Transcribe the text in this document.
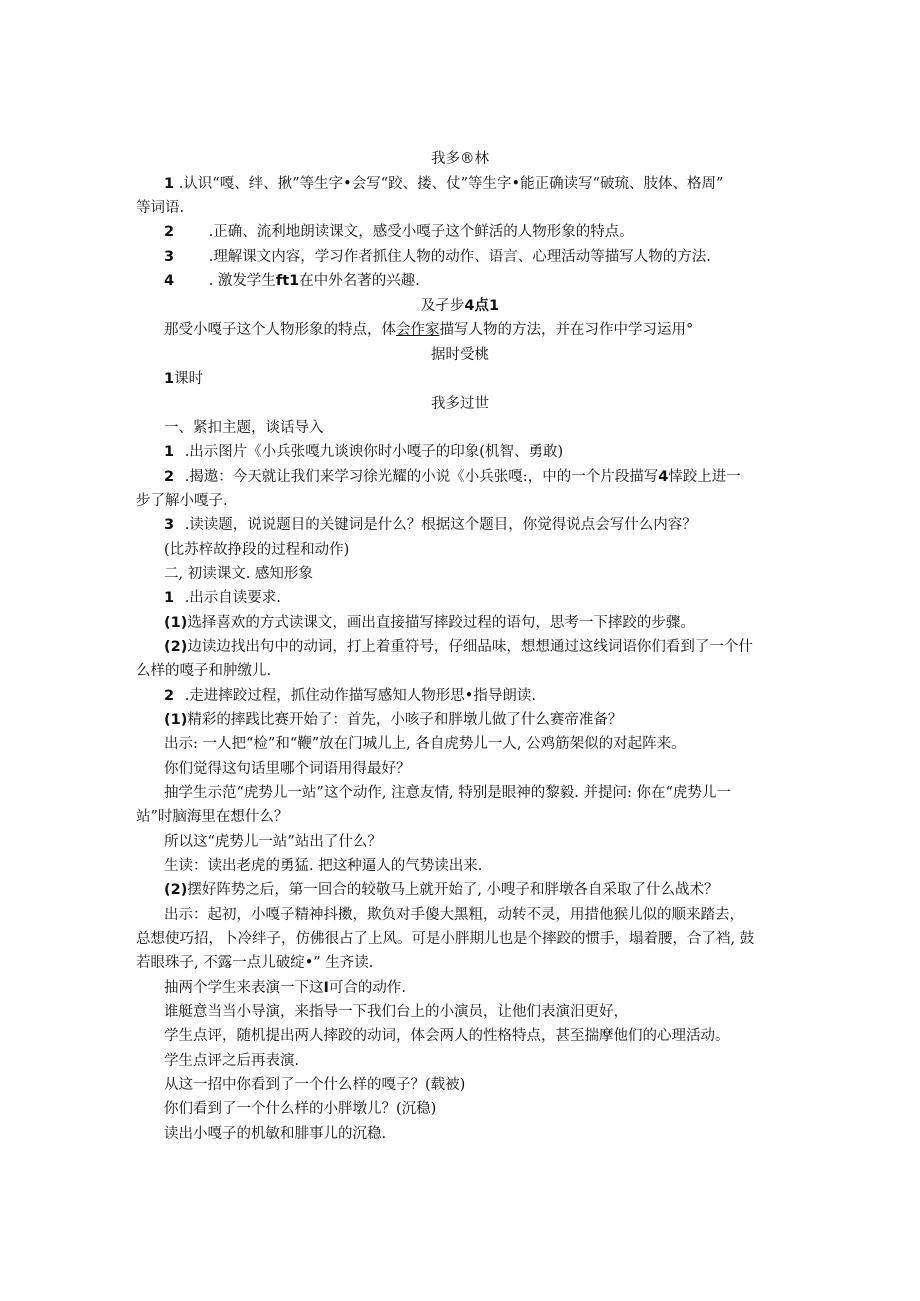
我多®林
1 .认识“嘎、绊、揪”等生字•会写“跤、搂、仗”等生字•能正确读写“破琉、肢体、格周”
等词语.
2 .正确、流利地朗读课文，感受小嘎子这个鲜活的人物形象的特点。
3 .理解课文内容，学习作者抓住人物的动作、语言、心理活动等描写人物的方法.
4 . 激发学生ft1在中外名著的兴趣.
及孑步4点1
那受小嘎子这个人物形象的特点，体会作家描写人物的方法，并在习作中学习运用°
据时受桃
1课时
我多过世
一、紧扣主题，谈话导入
1 .出示图片《小兵张嘎九谈谀你时小嘎子的印象(机智、勇敢)
2 .揭遨：今天就让我们来学习徐光耀的小说《小兵张嘎:，中的一个片段描写4悻跤上进一
步了解小嘎子.
3 .读读题，说说题目的关键词是什么？根据这个题目，你觉得说点会写什么内容？
(比苏梓故挣段的过程和动作)
二, 初读课文. 感知形象
1 .出示自读要求.
(1)选择喜欢的方式读课文，画出直接描写摔跤过程的语句，思考一下摔跤的步骤。
(2)边读边找出句中的动词，打上着重符号，仔细品味，想想通过这线词语你们看到了一个什
么样的嘎子和肿缴儿.
2 .走进摔跤过程，抓住动作描写感知人物形思•指导朗读.
(1)精彩的摔践比赛开始了：首先，小咳子和胖墩儿做了什么赛帝准备？
出示: 一人把“检”和“鞭”放在门城儿上, 各自虎势儿一人, 公鸡筋架似的对起阵来。
你们觉得这句话里哪个词语用得最好？
抽学生示范“虎势儿一站”这个动作, 注意友情, 特别是眼神的黎毅. 并提问: 你在“虎势儿一
站”时脑海里在想什么？
所以这“虎势儿一站”站出了什么？
生读：读出老虎的勇猛. 把这种逼人的气势读出来.
(2)摆好阵势之后，第一回合的较敬马上就开始了, 小嗖子和胖墩各自采取了什么战术？
出示：起初，小嘎子精神抖擞，欺负对手傻大黑粗，动转不灵，用措他猴儿似的顺来踏去，
总想使巧招，卜冷绊子，仿佛很占了上风。可是小胖期儿也是个摔跤的惯手，塌着腰，合了裆, 鼓
若眼珠子, 不露一点儿破绽•” 生齐读.
抽两个学生来表演一下这I可合的动作.
谁艇意当当小导演，来指导一下我们台上的小演员，让他们表演汨更好，
学生点评，随机提出两人摔跤的动词，体会两人的性格特点，甚至揣摩他们的心理活动。
学生点评之后再表演.
从这一招中你看到了一个什么样的嘎子？(载被)
你们看到了一个什么样的小胖墩儿？(沉稳)
读出小嘎子的机敏和腓事儿的沉稳.
